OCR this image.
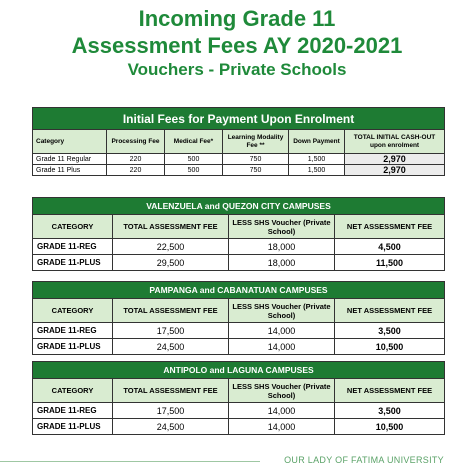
Incoming Grade 11
Assessment Fees AY 2020-2021
Vouchers - Private Schools
Initial Fees for Payment Upon Enrolment					
Category	Processing Fee	Medical Fee*	Learning Modality Fee **	Down Payment	TOTAL INITIAL CASH-OUT upon enrolment
Grade 11 Regular	220	500	750	1,500	2,970
Grade 11 Plus	220	500	750	1,500	2,970
VALENZUELA and QUEZON CITY CAMPUSES			
CATEGORY	TOTAL ASSESSMENT FEE	LESS SHS Voucher (Private School)	NET ASSESSMENT FEE
GRADE 11-REG	22,500	18,000	4,500
GRADE 11-PLUS	29,500	18,000	11,500
PAMPANGA and CABANATUAN CAMPUSES			
CATEGORY	TOTAL ASSESSMENT FEE	LESS SHS Voucher (Private School)	NET ASSESSMENT FEE
GRADE 11-REG	17,500	14,000	3,500
GRADE 11-PLUS	24,500	14,000	10,500
ANTIPOLO and LAGUNA CAMPUSES			
CATEGORY	TOTAL ASSESSMENT FEE	LESS SHS Voucher (Private School)	NET ASSESSMENT FEE
GRADE 11-REG	17,500	14,000	3,500
GRADE 11-PLUS	24,500	14,000	10,500
OUR LADY OF FATIMA UNIVERSITY
